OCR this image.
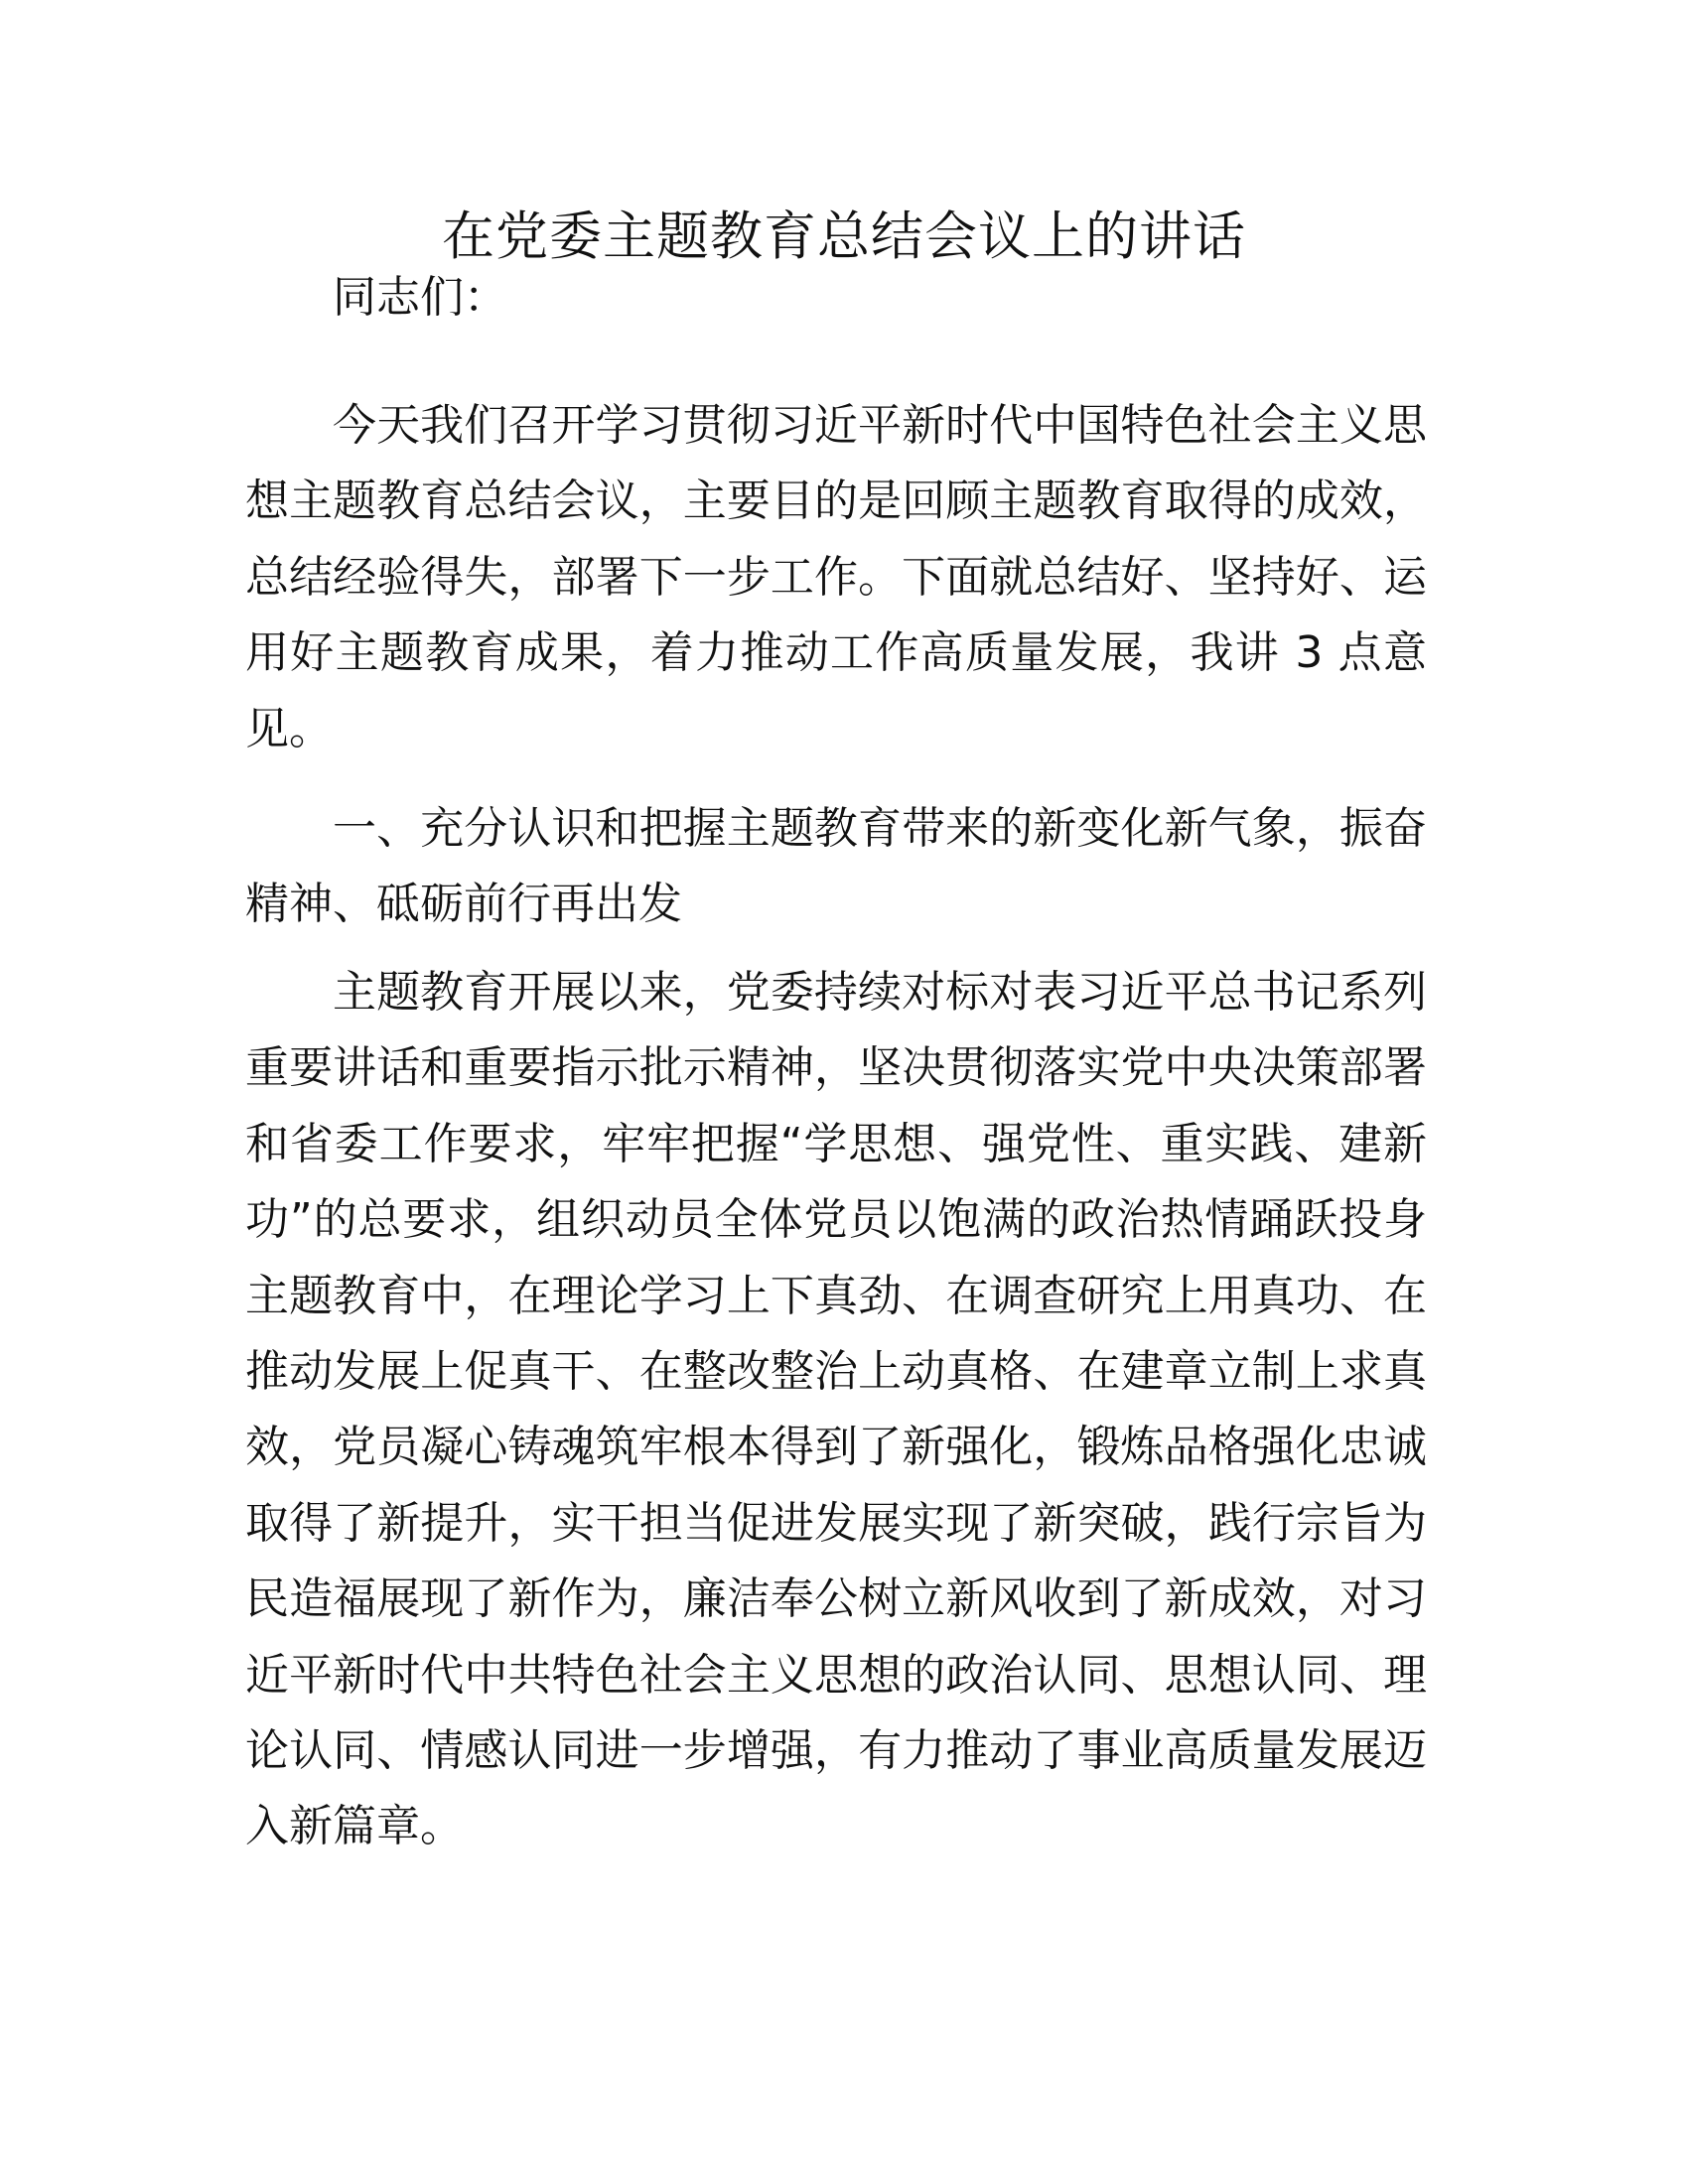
在党委主题教育总结会议上的讲话
同志们：
今天我们召开学习贯彻习近平新时代中国特色社会主义思
想主题教育总结会议，主要目的是回顾主题教育取得的成效，
总结经验得失，部署下一步工作。下面就总结好、坚持好、运
用好主题教育成果，着力推动工作高质量发展，我讲 3 点意
见。
一、充分认识和把握主题教育带来的新变化新气象，振奋
精神、砥砺前行再出发
主题教育开展以来，党委持续对标对表习近平总书记系列
重要讲话和重要指示批示精神，坚决贯彻落实党中央决策部署
和省委工作要求，牢牢把握“学思想、强党性、重实践、建新
功”的总要求，组织动员全体党员以饱满的政治热情踊跃投身
主题教育中，在理论学习上下真劲、在调查研究上用真功、在
推动发展上促真干、在整改整治上动真格、在建章立制上求真
效，党员凝心铸魂筑牢根本得到了新强化，锻炼品格强化忠诚
取得了新提升，实干担当促进发展实现了新突破，践行宗旨为
民造福展现了新作为，廉洁奉公树立新风收到了新成效，对习
近平新时代中共特色社会主义思想的政治认同、思想认同、理
论认同、情感认同进一步增强，有力推动了事业高质量发展迈
入新篇章。
